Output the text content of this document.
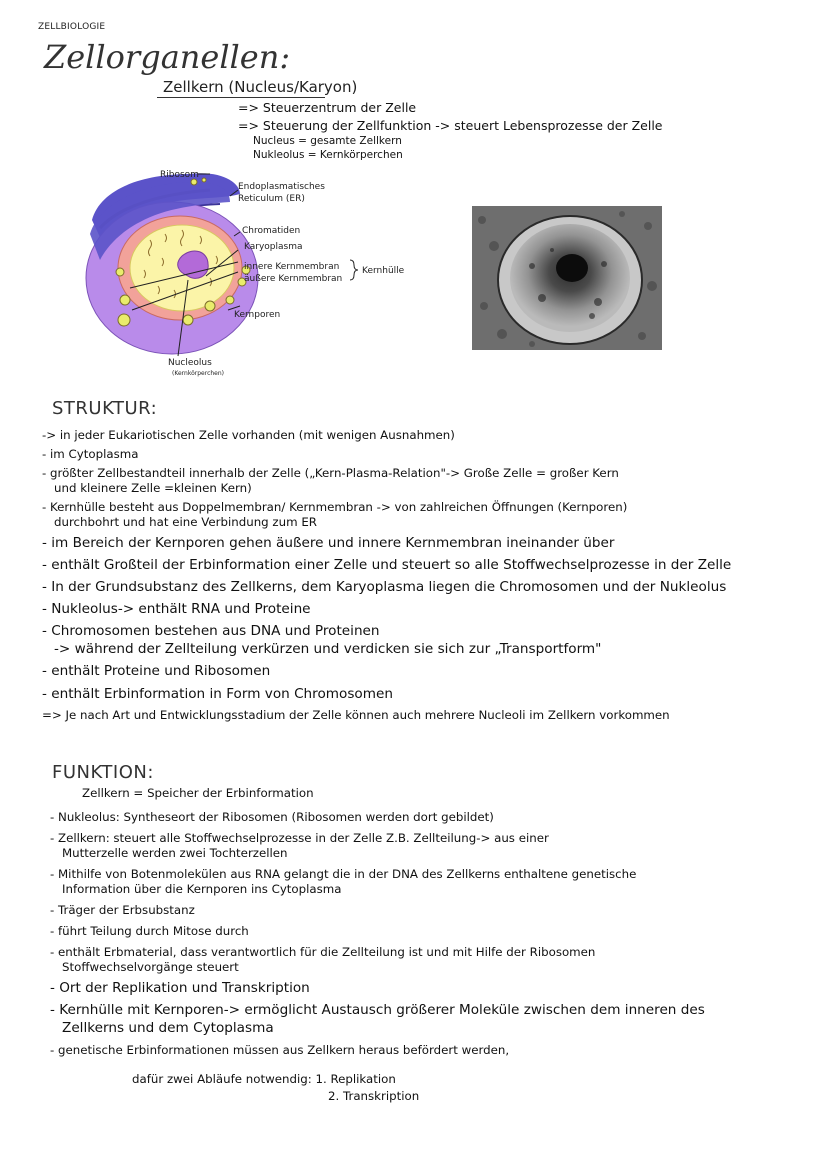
ZELLBIOLOGIE
Zellorganellen:
Zellkern (Nucleus/Karyon)
=> Steuerzentrum der Zelle
=> Steuerung der Zellfunktion -> steuert Lebensprozesse der Zelle
Nucleus = gesamte Zellkern
Nukleolus = Kernkörperchen
Ribosom
Endoplasmatisches
Reticulum (ER)
Chromatiden
Karyoplasma
innere Kernmembran
äußere Kernmembran
Kernhülle
Kernporen
Nucleolus
(Kernkörperchen)
STRUKTUR:
-> in jeder Eukariotischen Zelle vorhanden (mit wenigen Ausnahmen)
- im Cytoplasma
- größter Zellbestandteil innerhalb der Zelle („Kern-Plasma-Relation"-> Große Zelle = großer Kern
und kleinere Zelle =kleinen Kern)
- Kernhülle besteht aus Doppelmembran/ Kernmembran -> von zahlreichen Öffnungen (Kernporen)
durchbohrt und hat eine Verbindung zum ER
- im Bereich der Kernporen gehen äußere und innere Kernmembran ineinander über
- enthält Großteil der Erbinformation einer Zelle und steuert so alle Stoffwechselprozesse in der Zelle
- In der Grundsubstanz des Zellkerns, dem Karyoplasma liegen die Chromosomen und der Nukleolus
- Nukleolus-> enthält RNA und Proteine
- Chromosomen bestehen aus DNA und Proteinen
-> während der Zellteilung verkürzen und verdicken sie sich zur „Transportform"
- enthält Proteine und Ribosomen
- enthält Erbinformation in Form von Chromosomen
=> Je nach Art und Entwicklungsstadium der Zelle können auch mehrere Nucleoli im Zellkern vorkommen
FUNKTION:
Zellkern = Speicher der Erbinformation
- Nukleolus: Syntheseort der Ribosomen (Ribosomen werden dort gebildet)
- Zellkern: steuert alle Stoffwechselprozesse in der Zelle Z.B. Zellteilung-> aus einer
Mutterzelle werden zwei Tochterzellen
- Mithilfe von Botenmolekülen aus RNA gelangt die in der DNA des Zellkerns enthaltene genetische
Information über die Kernporen ins Cytoplasma
- Träger der Erbsubstanz
- führt Teilung durch Mitose durch
- enthält Erbmaterial, dass verantwortlich für die Zellteilung ist und mit Hilfe der Ribosomen
Stoffwechselvorgänge steuert
- Ort der Replikation und Transkription
- Kernhülle mit Kernporen-> ermöglicht Austausch größerer Moleküle zwischen dem inneren des
Zellkerns und dem Cytoplasma
- genetische Erbinformationen müssen aus Zellkern heraus befördert werden,
dafür zwei Abläufe notwendig: 1. Replikation
2. Transkription
